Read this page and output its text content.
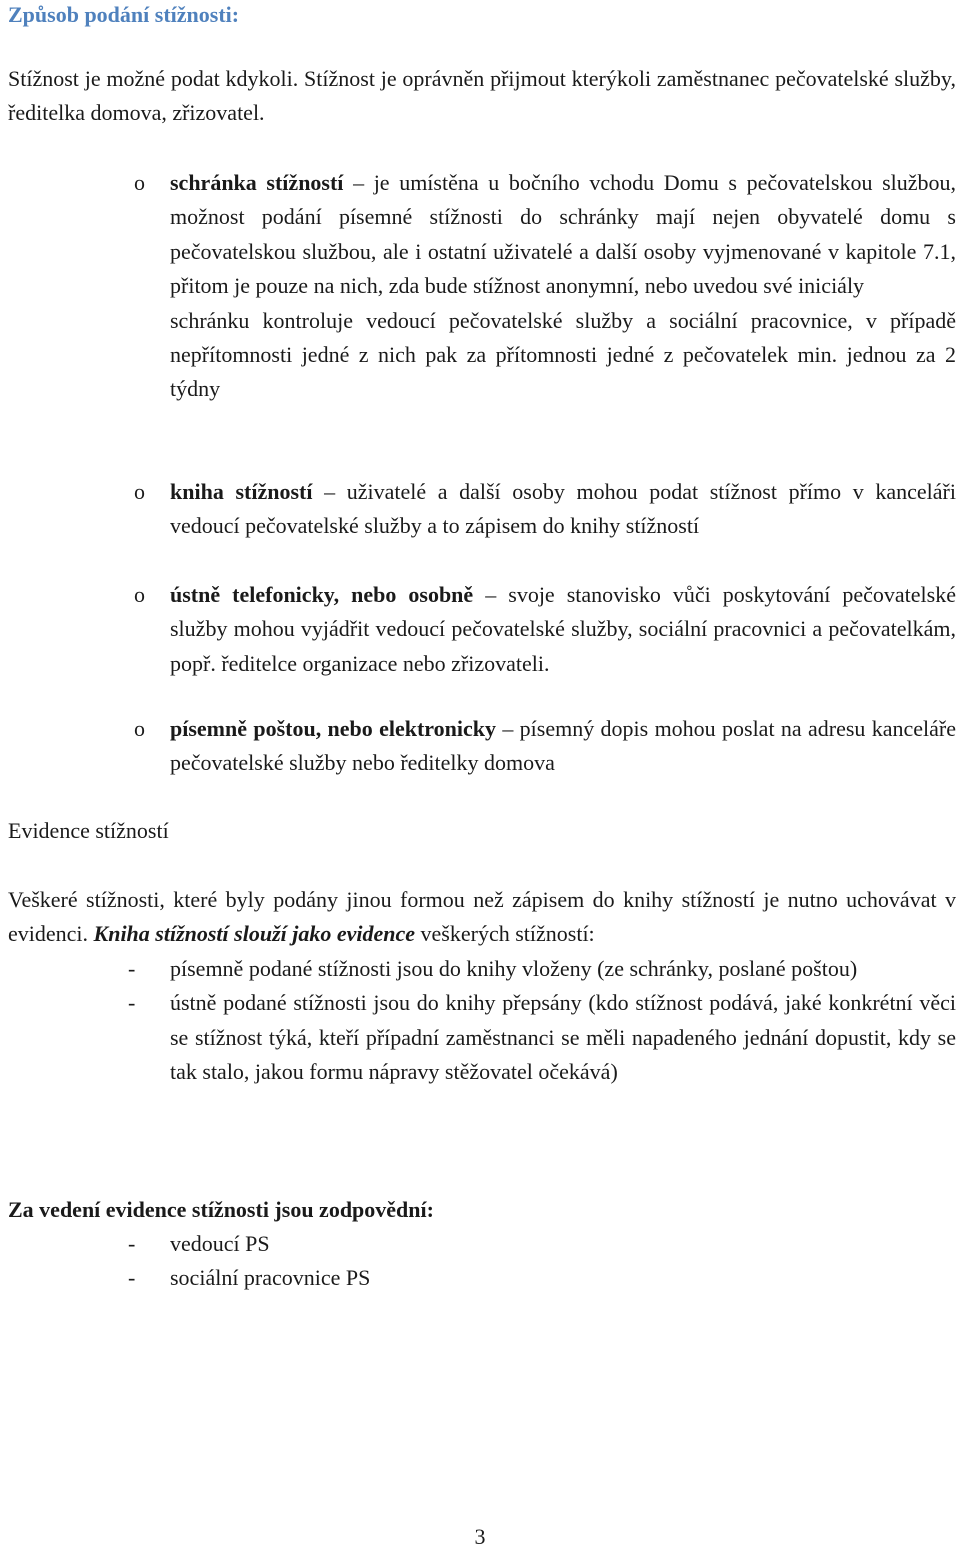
Způsob podání stížnosti:

Stížnost je možné podat kdykoli. Stížnost je oprávněn přijmout kterýkoli zaměstnanec pečovatelské služby, ředitelka domova, zřizovatel.

o	schránka stížností – je umístěna u bočního vchodu Domu s pečovatelskou službou, možnost podání písemné stížnosti do schránky mají nejen obyvatelé domu s pečovatelskou službou, ale i ostatní uživatelé a další osoby vyjmenované v kapitole 7.1, přitom je pouze na nich, zda bude stížnost anonymní, nebo uvedou své iniciály

schránku kontroluje vedoucí pečovatelské služby a sociální pracovnice, v případě nepřítomnosti jedné z nich pak za přítomnosti jedné z pečovatelek min. jednou za 2 týdny

o	kniha stížností – uživatelé a další osoby mohou podat stížnost přímo v kanceláři vedoucí pečovatelské služby a to zápisem do knihy stížností

o	ústně telefonicky, nebo osobně – svoje stanovisko vůči poskytování pečovatelské služby mohou vyjádřit vedoucí pečovatelské služby, sociální pracovnici a pečovatelkám, popř. ředitelce organizace nebo zřizovateli.

o	písemně poštou, nebo elektronicky – písemný dopis mohou poslat na adresu kanceláře pečovatelské služby nebo ředitelky domova

Evidence stížností

Veškeré stížnosti, které byly podány jinou formou než zápisem do knihy stížností je nutno uchovávat v evidenci. Kniha stížností slouží jako evidence veškerých stížností:

- písemně podané stížnosti jsou do knihy vloženy (ze schránky, poslané poštou)

- ústně podané stížnosti jsou do knihy přepsány (kdo stížnost podává, jaké konkrétní věci se stížnost týká, kteří případní zaměstnanci se měli napadeného jednání dopustit, kdy se tak stalo, jakou formu nápravy stěžovatel očekává)

Za vedení evidence stížnosti jsou zodpovědní:

- vedoucí PS

- sociální pracovnice PS

3
